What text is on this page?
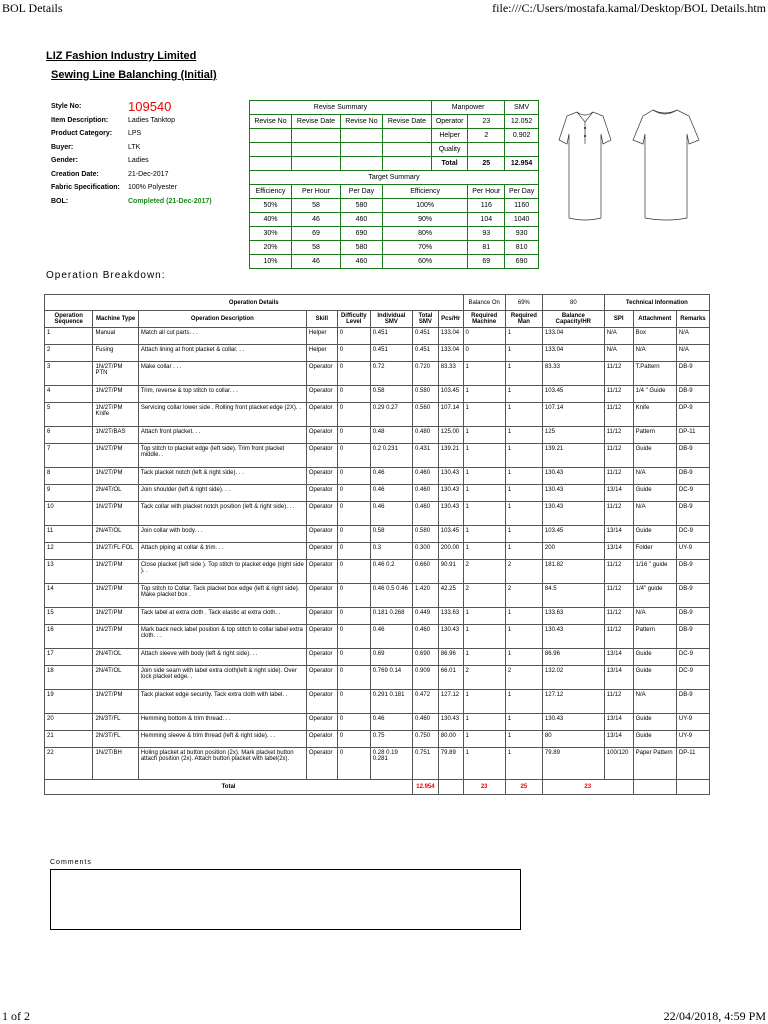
BOL Details	file:///C:/Users/mostafa.kamal/Desktop/BOL Details.htm
LIZ Fashion Industry Limited
Sewing Line Balanching (Initial)
Style No:	109540
Item Description:	Ladies Tanktop
Product Category:	LPS
Buyer:	LTK
Gender:	Ladies
Creation Date:	21-Dec-2017
Fabric Specification:	100% Polyester
BOL:	Completed (21-Dec-2017)
Revise Summary				Manpower		SMV
Revise No	Revise Date	Revise No	Revise Date	Operator	23	12.052
				Helper	2	0.902
				Quality		
				Total	25	12.954
Target Summary						
Efficiency	Per Hour	Per Day	Efficiency		Per Hour	Per Day
50%	58	580	100%		116	1160
40%	46	460	90%		104	1040
30%	69	690	80%		93	930
20%	58	580	70%		81	810
10%	46	460	60%		69	690
Operation Breakdown:
Operation Details								Balance On	69%	80	Technical Information		
Operation Sequence	Machine Type	Operation Description	Skill	Difficulty Level	Individual SMV	Total SMV	Pcs/Hr	Required Machine	Required Man	Balance Capacity/HR	SPI	Attachment	Remarks
1	Manual	Match all cut parts. . .	Helper	0	0.451	0.451	133.04	0	1	133.04	N/A	Box	N/A
2	Fusing	Attach lining at front placket & collar. . .	Helper	0	0.451	0.451	133.04	0	1	133.04	N/A	N/A	N/A
3	1N/2T/PM PTN	Make collar . . .	Operator	0	0.72	0.720	83.33	1	1	83.33	11/12	T.Pattern	DB-9
4	1N/2T/PM	Trim, reverse & top stitch to collar. . .	Operator	0	0.58	0.580	103.45	1	1	103.45	11/12	1/4 " Guide	DB-9
5	1N/2T/PM Knife	Servicing collar lower side . Rolling front placket edge (2X). .	Operator	0	0.29 0.27	0.560	107.14	1	1	107.14	11/12	Knife	DP-9
6	1N/2T/BAS	Attach front placket. . .	Operator	0	0.48	0.480	125.00	1	1	125	11/12	Pattern	DP-11
7	1N/2T/PM	Top stitch to placket edge (left side). Trim front placket middle. .	Operator	0	0.2 0.231	0.431	139.21	1	1	139.21	11/12	Guide	DB-9
8	1N/2T/PM	Tack placket notch (left & right side). . .	Operator	0	0.46	0.460	130.43	1	1	130.43	11/12	N/A	DB-9
9	2N/4T/OL	Join shoulder (left & right side). . .	Operator	0	0.46	0.460	130.43	1	1	130.43	13/14	Guide	DC-9
10	1N/2T/PM	Tack collar with placket notch position (left & right side). . .	Operator	0	0.46	0.460	130.43	1	1	130.43	11/12	N/A	DB-9
11	2N/4T/OL	Join collar with body. . .	Operator	0	0.58	0.580	103.45	1	1	103.45	13/14	Guide	DC-9
12	1N/2T/FL FOL	Attach piping at collar & trim. . .	Operator	0	0.3	0.300	200.00	1	1	200	13/14	Folder	UY-9
13	1N/2T/PM	Close placket (left side ). Top stitch to placket edge (right side ). .	Operator	0	0.46 0.2	0.660	90.91	2	2	181.82	11/12	1/16 " guide	DB-9
14	1N/2T/PM	Top stitch to Collar. Tack placket box edge (left & right side). Make placket box .	Operator	0	0.46 0.5 0.46	1.420	42.25	2	2	84.5	11/12	1/4" guide	DB-9
15	1N/2T/PM	Tack label at extra cloth . Tack elastic at extra cloth. .	Operator	0	0.181 0.268	0.449	133.63	1	1	133.63	11/12	N/A	DB-9
16	1N/2T/PM	Mark back neck label position & top stitch to collar label extra cloth. . .	Operator	0	0.46	0.460	130.43	1	1	130.43	11/12	Pattern	DB-9
17	2N/4T/OL	Attach sleeve with body (left & right side). . .	Operator	0	0.69	0.690	86.96	1	1	86.96	13/14	Guide	DC-9
18	2N/4T/OL	Join side seam with label extra cloth(left & right side). Over lock placket edge. .	Operator	0	0.769 0.14	0.909	66.01	2	2	132.02	13/14	Guide	DC-9
19	1N/2T/PM	Tack placket edge security. Tack extra cloth with label. .	Operator	0	0.291 0.181	0.472	127.12	1	1	127.12	11/12	N/A	DB-9
20	2N/3T/FL	Hemming bottom & trim thread. . .	Operator	0	0.46	0.460	130.43	1	1	130.43	13/14	Guide	UY-9
21	2N/3T/FL	Hemming sleeve & trim thread (left & right side). . .	Operator	0	0.75	0.750	80.00	1	1	80	13/14	Guide	UY-9
22	1N/2T/BH	Holing placket at button position (2x). Mark placket button attach position (2x). Attach button placket with label(2x).	Operator	0	0.28 0.19 0.281	0.751	79.89	1	1	79.89	100/120	Paper Pattern	DP-11
Total						12.954		23	25	23			
Comments
1 of 2	22/04/2018, 4:59 PM
